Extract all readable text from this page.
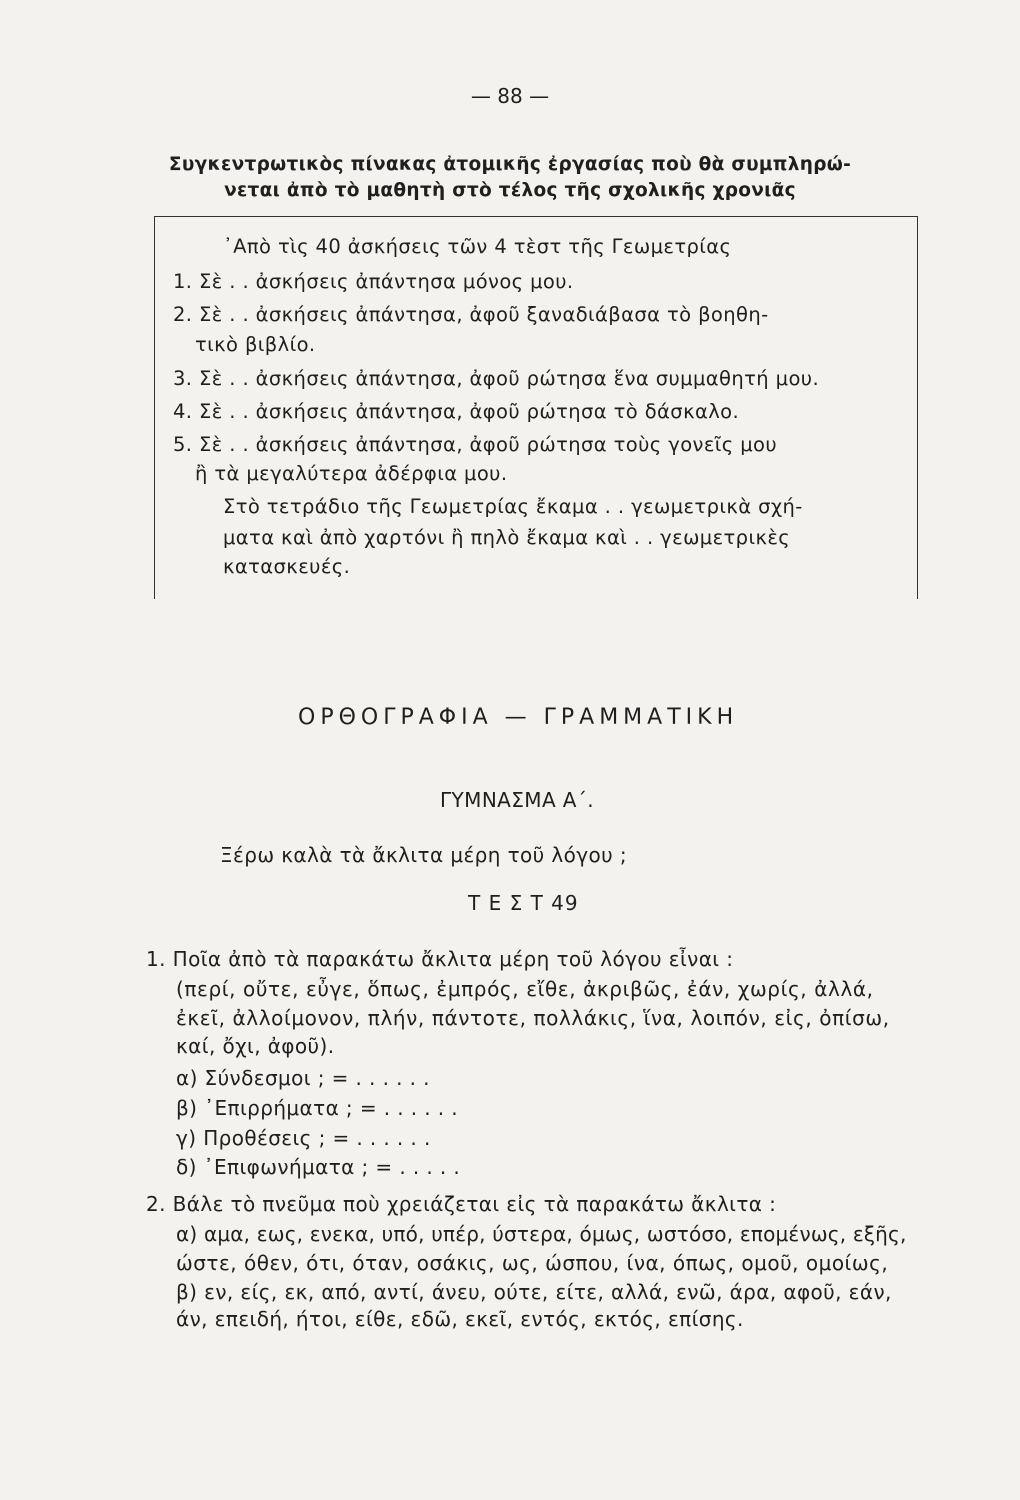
— 88 —
Συγκεντρωτικὸς πίνακας ἀτομικῆς ἐργασίας ποὺ θὰ συμπληρώ-
νεται ἀπὸ τὸ μαθητὴ στὸ τέλος τῆς σχολικῆς χρονιᾶς
᾿Απὸ τὶς 40 ἀσκήσεις τῶν 4 τὲστ τῆς Γεωμετρίας
1. Σὲ . . ἀσκήσεις ἀπάντησα μόνος μου.
2. Σὲ . . ἀσκήσεις ἀπάντησα, ἀφοῦ ξαναδιάβασα τὸ βοηθη-
τικὸ βιβλίο.
3. Σὲ . . ἀσκήσεις ἀπάντησα, ἀφοῦ ρώτησα ἕνα συμμαθητή μου.
4. Σὲ . . ἀσκήσεις ἀπάντησα, ἀφοῦ ρώτησα τὸ δάσκαλο.
5. Σὲ . . ἀσκήσεις ἀπάντησα, ἀφοῦ ρώτησα τοὺς γονεῖς μου
ἢ τὰ μεγαλύτερα ἀδέρφια μου.
Στὸ τετράδιο τῆς Γεωμετρίας ἔκαμα . . γεωμετρικὰ σχή-
ματα καὶ ἀπὸ χαρτόνι ἢ πηλὸ ἔκαμα καὶ . . γεωμετρικὲς
κατασκευές.
ΟΡΘΟΓΡΑΦΙΑ — ΓΡΑΜΜΑΤΙΚΗ
ΓΥΜΝΑΣΜΑ Α΄.
Ξέρω καλὰ τὰ ἄκλιτα μέρη τοῦ λόγου ;
Τ Ε Σ Τ 49
1. Ποῖα ἀπὸ τὰ παρακάτω ἄκλιτα μέρη τοῦ λόγου εἶναι :
(περί, οὔτε, εὖγε, ὅπως, ἐμπρός, εἴθε, ἀκριβῶς, ἐάν, χωρίς, ἀλλά,
ἐκεῖ, ἀλλοίμονον, πλήν, πάντοτε, πολλάκις, ἵνα, λοιπόν, εἰς, ὀπίσω,
καί, ὄχι, ἀφοῦ).
α) Σύνδεσμοι ; = . . . . . .
β) ᾿Επιρρήματα ; = . . . . . .
γ) Προθέσεις ; = . . . . . .
δ) ᾿Επιφωνήματα ; = . . . . .
2. Βάλε τὸ πνεῦμα ποὺ χρειάζεται εἰς τὰ παρακάτω ἄκλιτα :
α) αμα, εως, ενεκα, υπό, υπέρ, ύστερα, όμως, ωστόσο, επομένως, εξῆς,
ώστε, όθεν, ότι, όταν, οσάκις, ως, ώσπου, ίνα, όπως, ομοῦ, ομοίως,
β) εν, είς, εκ, από, αντί, άνευ, ούτε, είτε, αλλά, ενῶ, άρα, αφοῦ, εάν,
άν, επειδή, ήτοι, είθε, εδῶ, εκεῖ, εντός, εκτός, επίσης.
